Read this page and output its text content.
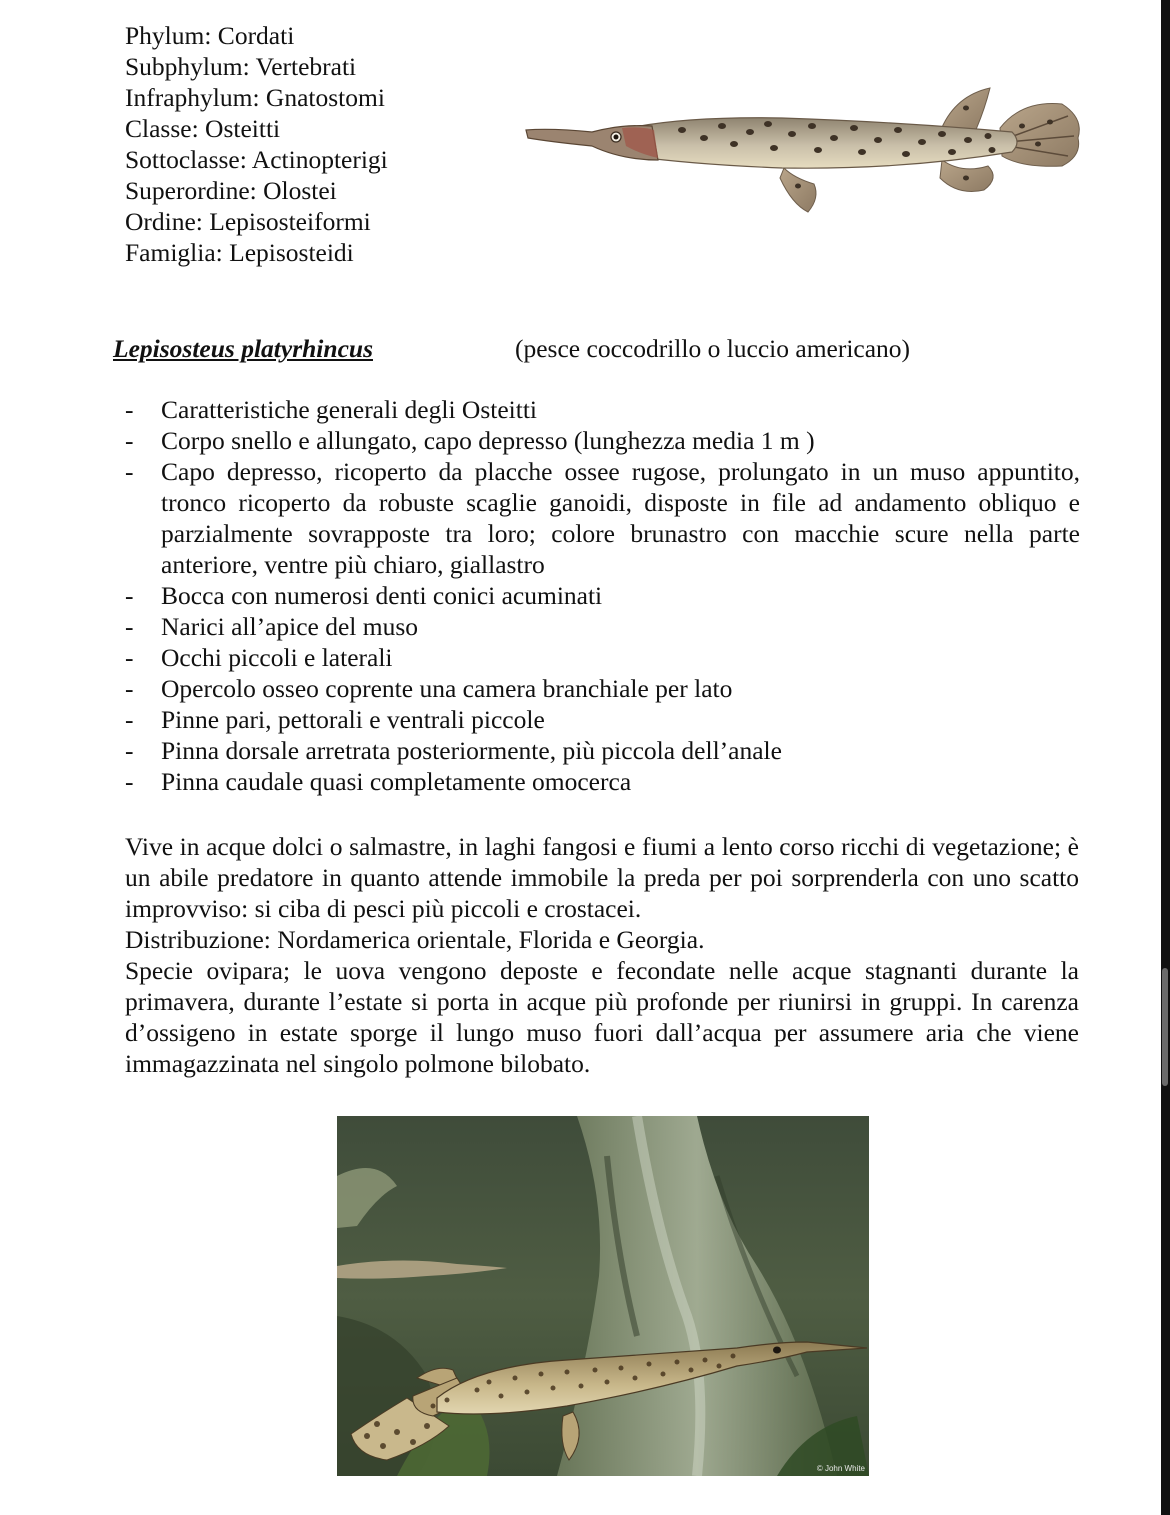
Phylum: Cordati
Subphylum: Vertebrati
Infraphylum: Gnatostomi
Classe: Osteitti
Sottoclasse: Actinopterigi
Superordine: Olostei
Ordine: Lepisosteiformi
Famiglia: Lepisosteidi
Lepisosteus platyrhincus	(pesce coccodrillo o luccio americano)
- Caratteristiche generali degli Osteitti
- Corpo snello e allungato, capo depresso (lunghezza media 1 m )
- Capo depresso, ricoperto da placche ossee rugose, prolungato in un muso appuntito, tronco ricoperto da robuste scaglie ganoidi, disposte in file ad andamento obliquo e parzialmente sovrapposte tra loro; colore brunastro con macchie scure nella parte anteriore, ventre più chiaro, giallastro
- Bocca con numerosi denti conici acuminati
- Narici all’apice del muso
- Occhi piccoli e laterali
- Opercolo osseo coprente una camera branchiale per lato
- Pinne pari, pettorali e ventrali piccole
- Pinna dorsale arretrata posteriormente, più piccola dell’anale
- Pinna caudale quasi completamente omocerca

Vive in acque dolci o salmastre, in laghi fangosi e fiumi a lento corso ricchi di vegetazione; è un abile predatore in quanto attende immobile la preda per poi sorprenderla con uno scatto improvviso: si ciba di pesci più piccoli e crostacei.

Distribuzione: Nordamerica orientale, Florida e Georgia.

Specie ovipara; le uova vengono deposte e fecondate nelle acque stagnanti durante la primavera, durante l’estate si porta in acque più profonde per riunirsi in gruppi. In carenza d’ossigeno in estate sporge il lungo muso fuori dall’acqua per assumere aria che viene immagazzinata nel singolo polmone bilobato.

© John White
